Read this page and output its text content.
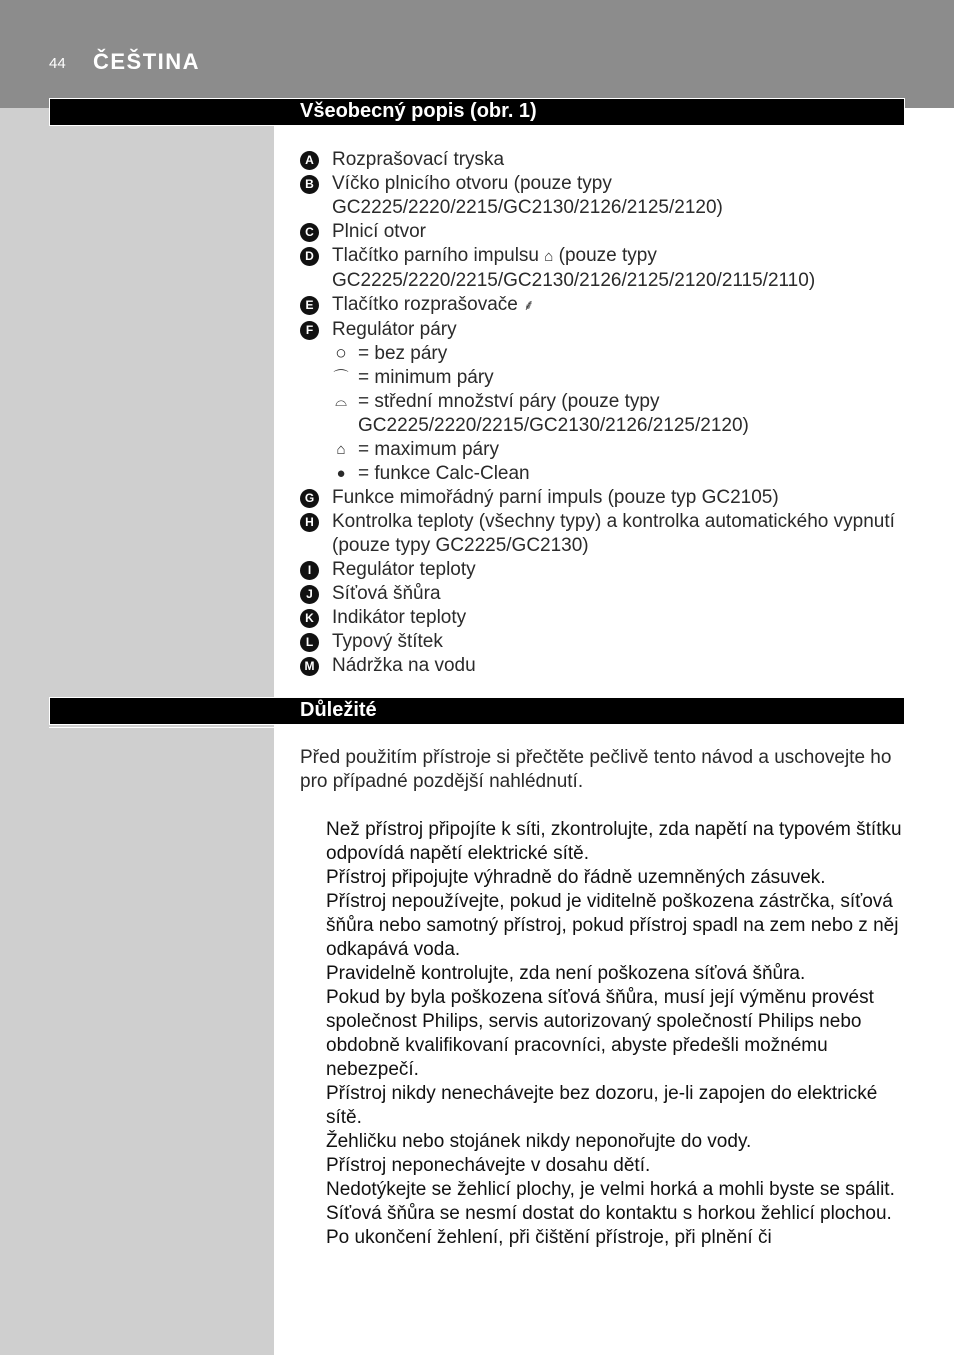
44 ČEŠTINA
Všeobecný popis (obr. 1)
A Rozprašovací tryska
B Víčko plnicího otvoru (pouze typy GC2225/2220/2215/GC2130/2126/2125/2120)
C Plnicí otvor
D Tlačítko parního impulsu ⌂ (pouze typy GC2225/2220/2215/GC2130/2126/2125/2120/2115/2110)
E Tlačítko rozprašovače ⸙
F Regulátor páry
○ = bez páry
⌒ = minimum páry
⌓ = střední množství páry (pouze typy GC2225/2220/2215/GC2130/2126/2125/2120)
⌂ = maximum páry
● = funkce Calc-Clean
G Funkce mimořádný parní impuls (pouze typ GC2105)
H Kontrolka teploty (všechny typy) a kontrolka automatického vypnutí (pouze typy GC2225/GC2130)
I	Regulátor teploty
J	Síťová šňůra
K Indikátor teploty
L Typový štítek
M Nádržka na vodu
Důležité

Před použitím přístroje si přečtěte pečlivě tento návod a uschovejte ho pro případné pozdější nahlédnutí.

Než přístroj připojíte k síti, zkontrolujte, zda napětí na typovém štítku odpovídá napětí elektrické sítě.
Přístroj připojujte výhradně do řádně uzemněných zásuvek.
Přístroj nepoužívejte, pokud je viditelně poškozena zástrčka, síťová šňůra nebo samotný přístroj, pokud přístroj spadl na zem nebo z něj odkapává voda.
Pravidelně kontrolujte, zda není poškozena síťová šňůra.
Pokud by byla poškozena síťová šňůra, musí její výměnu provést společnost Philips, servis autorizovaný společností Philips nebo obdobně kvalifikovaní pracovníci, abyste předešli možnému nebezpečí.
Přístroj nikdy nenechávejte bez dozoru, je-li zapojen do elektrické sítě.
Žehličku nebo stojánek nikdy neponořujte do vody.
Přístroj neponechávejte v dosahu dětí.
Nedotýkejte se žehlicí plochy, je velmi horká a mohli byste se spálit.
Síťová šňůra se nesmí dostat do kontaktu s horkou žehlicí plochou.
Po ukončení žehlení, při čištění přístroje, při plnění či
